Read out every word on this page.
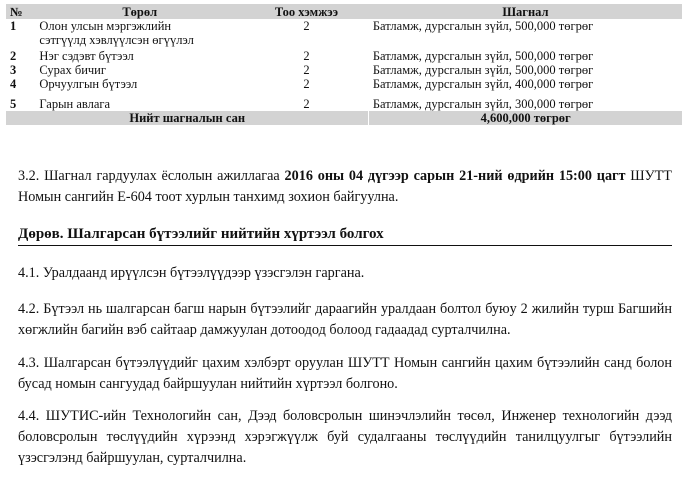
№	Төрөл	Тоо хэмжээ	Шагнал
1	Олон улсын мэргэжлийн
сэтгүүлд хэвлүүлсэн өгүүлэл	2	Батламж, дурсгалын зүйл, 500,000 төгрөг
2	Нэг сэдэвт бүтээл	2	Батламж, дурсгалын зүйл, 500,000 төгрөг
3	Сурах бичиг	2	Батламж, дурсгалын зүйл, 500,000 төгрөг
4	Орчуулгын бүтээл	2	Батламж, дурсгалын зүйл, 400,000 төгрөг
5	Гарын авлага	2	Батламж, дурсгалын зүйл, 300,000 төгрөг
Нийт шагналын сан			4,600,000 төгрөг

3.2. Шагнал гардуулах ёслолын ажиллагаа 2016 оны 04 дүгээр сарын 21-ний өдрийн 15:00 цагт ШУТТ Номын сангийн Е-604 тоот хурлын танхимд зохион байгуулна.

Дөрөв. Шалгарсан бүтээлийг нийтийн хүртээл болгох

4.1. Уралдаанд ирүүлсэн бүтээлүүдээр үзэсгэлэн гаргана.

4.2. Бүтээл нь шалгарсан багш нарын бүтээлийг дараагийн уралдаан болтол буюу 2 жилийн турш Багшийн хөгжлийн багийн вэб сайтаар дамжуулан дотоодод болоод гадаадад сурталчилна.

4.3. Шалгарсан бүтээлүүдийг цахим хэлбэрт оруулан ШУТТ Номын сангийн цахим бүтээлийн санд болон бусад номын сангуудад байршуулан нийтийн хүртээл болгоно.

4.4. ШУТИС-ийн Технологийн сан, Дээд боловсролын шинэчлэлийн төсөл, Инженер технологийн дээд боловсролын төслүүдийн хүрээнд хэрэгжүүлж буй судалгааны төслүүдийн танилцуулгыг бүтээлийн үзэсгэлэнд байршуулан, сурталчилна.
